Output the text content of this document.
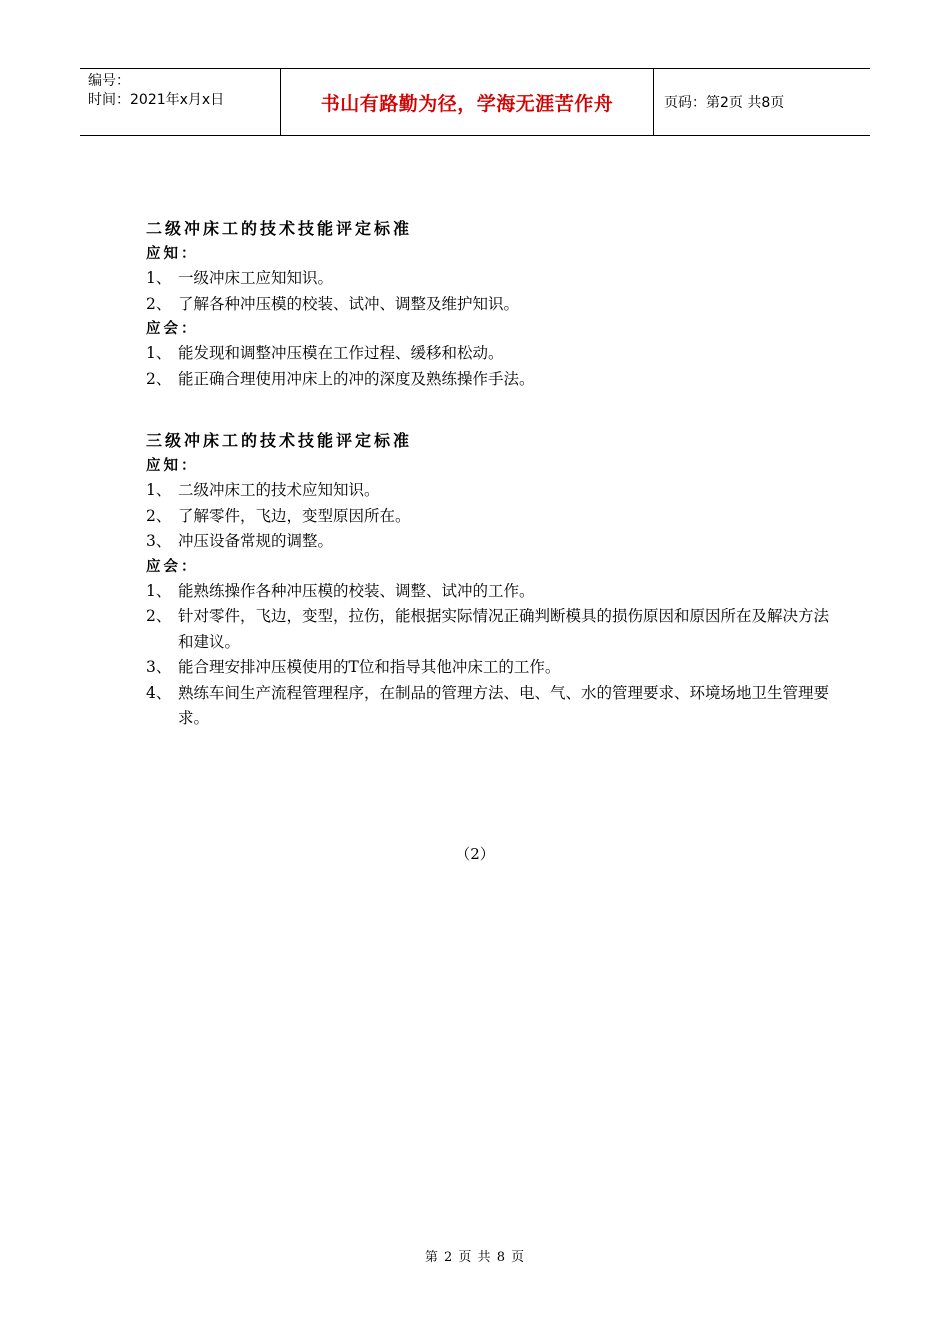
编号：
时间：2021年x月x日	书山有路勤为径，学海无涯苦作舟	页码：第2页 共8页
二级冲床工的技术技能评定标准
应知：
1、 一级冲床工应知知识。
2、 了解各种冲压模的校装、试冲、调整及维护知识。
应会：
1、 能发现和调整冲压模在工作过程、缓移和松动。
2、 能正确合理使用冲床上的冲的深度及熟练操作手法。
三级冲床工的技术技能评定标准
应知：
1、 二级冲床工的技术应知知识。
2、 了解零件，飞边，变型原因所在。
3、 冲压设备常规的调整。
应会：
1、 能熟练操作各种冲压模的校装、调整、试冲的工作。
2、 针对零件，飞边，变型，拉伤，能根据实际情况正确判断模具的损伤原因和原因所在及解决方法和建议。
3、 能合理安排冲压模使用的T位和指导其他冲床工的工作。
4、 熟练车间生产流程管理程序，在制品的管理方法、电、气、水的管理要求、环境场地卫生管理要求。
（2）
第 2 页 共 8 页
